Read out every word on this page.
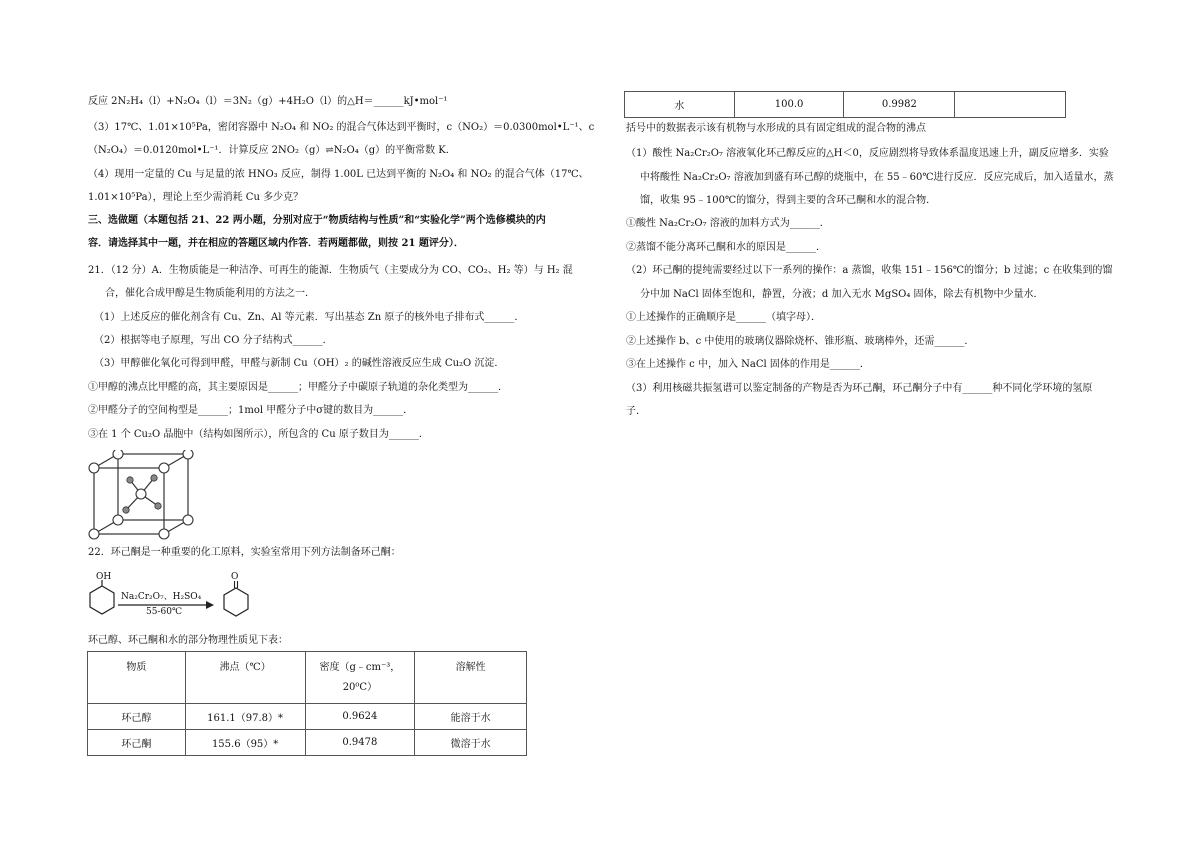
反应 2N₂H₄（l）+N₂O₄（l）＝3N₂（g）+4H₂O（l）的△H＝______kJ•mol⁻¹
（3）17℃、1.01×10⁵Pa，密闭容器中 N₂O₄ 和 NO₂ 的混合气体达到平衡时，c（NO₂）＝0.0300mol•L⁻¹、c
（N₂O₄）＝0.0120mol•L⁻¹．计算反应 2NO₂（g）⇌N₂O₄（g）的平衡常数 K．
（4）现用一定量的 Cu 与足量的浓 HNO₃ 反应，制得 1.00L 已达到平衡的 N₂O₄ 和 NO₂ 的混合气体（17℃、
1.01×10⁵Pa），理论上至少需消耗 Cu 多少克？
三、选做题（本题包括 21、22 两小题，分别对应于“物质结构与性质”和“实验化学”两个选修模块的内
容．请选择其中一题，并在相应的答题区域内作答．若两题都做，则按 21 题评分）．
21．（12 分）A．生物质能是一种洁净、可再生的能源．生物质气（主要成分为 CO、CO₂、H₂ 等）与 H₂ 混
合，催化合成甲醇是生物质能利用的方法之一．
（1）上述反应的催化剂含有 Cu、Zn、Al 等元素．写出基态 Zn 原子的核外电子排布式______．
（2）根据等电子原理，写出 CO 分子结构式______．
（3）甲醇催化氧化可得到甲醛，甲醛与新制 Cu（OH）₂ 的碱性溶液反应生成 Cu₂O 沉淀．
①甲醇的沸点比甲醛的高，其主要原因是______；甲醛分子中碳原子轨道的杂化类型为______．
②甲醛分子的空间构型是______；1mol 甲醛分子中σ键的数目为______．
③在 1 个 Cu₂O 晶胞中（结构如图所示），所包含的 Cu 原子数目为______．
22．环己酮是一种重要的化工原料，实验室常用下列方法制备环己酮：
OH
Na₂Cr₂O₇、H₂SO₄
55-60℃
O
环己醇、环己酮和水的部分物理性质见下表：
物质	沸点（℃）	密度（g﹣cm⁻³，
20⁰C）	溶解性
环己醇	161.1（97.8）*	0.9624	能溶于水
环己酮	155.6（95）*	0.9478	微溶于水
水	100.0	0.9982	
括号中的数据表示该有机物与水形成的具有固定组成的混合物的沸点
（1）酸性 Na₂Cr₂O₇ 溶液氧化环己醇反应的△H＜0，反应剧烈将导致体系温度迅速上升，副反应增多．实验
中将酸性 Na₂Cr₂O₇ 溶液加到盛有环己醇的烧瓶中，在 55﹣60℃进行反应．反应完成后，加入适量水，蒸
馏，收集 95﹣100℃的馏分，得到主要的含环己酮和水的混合物．
①酸性 Na₂Cr₂O₇ 溶液的加料方式为______．
②蒸馏不能分离环己酮和水的原因是______．
（2）环己酮的提纯需要经过以下一系列的操作：a 蒸馏，收集 151﹣156℃的馏分；b 过滤；c 在收集到的馏
分中加 NaCl 固体至饱和，静置，分液；d 加入无水 MgSO₄ 固体，除去有机物中少量水．
①上述操作的正确顺序是______（填字母）．
②上述操作 b、c 中使用的玻璃仪器除烧杯、锥形瓶、玻璃棒外，还需______．
③在上述操作 c 中，加入 NaCl 固体的作用是______．
（3）利用核磁共振氢谱可以鉴定制备的产物是否为环己酮，环己酮分子中有______种不同化学环境的氢原
子．
